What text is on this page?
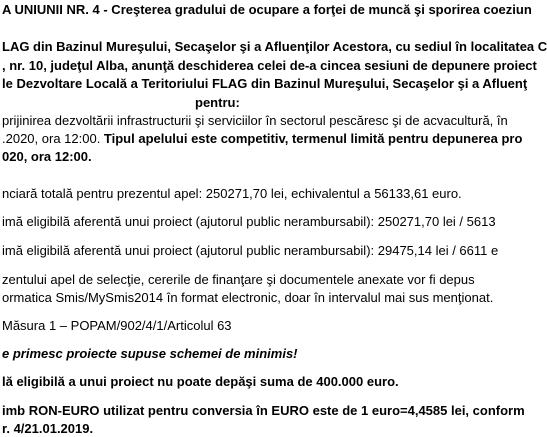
A UNIUNII NR. 4 - Creşterea gradului de ocupare a forţei de muncă şi sporirea coeziun
LAG din Bazinul Mureşului, Secaşelor şi a Afluenţilor Acestora, cu sediul în localitatea C
, nr. 10, judeţul Alba, anunţă deschiderea celei de-a cincea sesiuni de depunere proiect
le Dezvoltare Locală a Teritoriului FLAG din Bazinul Mureşului, Secaşelor şi a Afluenţ
pentru:
prijinirea dezvoltării infrastructurii şi serviciilor în sectorul pescăresc şi de acvacultură, în
.2020, ora 12:00. Tipul apelului este competitiv, termenul limită pentru depunerea pro
020, ora 12:00.
nciară totală pentru prezentul apel: 250271,70 lei, echivalentul a 56133,61 euro.
imă eligibilă aferentă unui proiect (ajutorul public nerambursabil): 250271,70 lei / 5613
imă eligibilă aferentă unui proiect (ajutorul public nerambursabil): 29475,14 lei / 6611 e
zentului apel de selecţie, cererile de finanţare şi documentele anexate vor fi depus
ormatica Smis/MySmis2014 în format electronic, doar în intervalul mai sus menţionat.
Măsura 1 – POPAM/902/4/1/Articolul 63
e primesc proiecte supuse schemei de minimis!
lă eligibilă a unui proiect nu poate depăşi suma de 400.000 euro.
imb RON-EURO utilizat pentru conversia în EURO este de 1 euro=4,4585 lei, conform
r. 4/21.01.2019.
